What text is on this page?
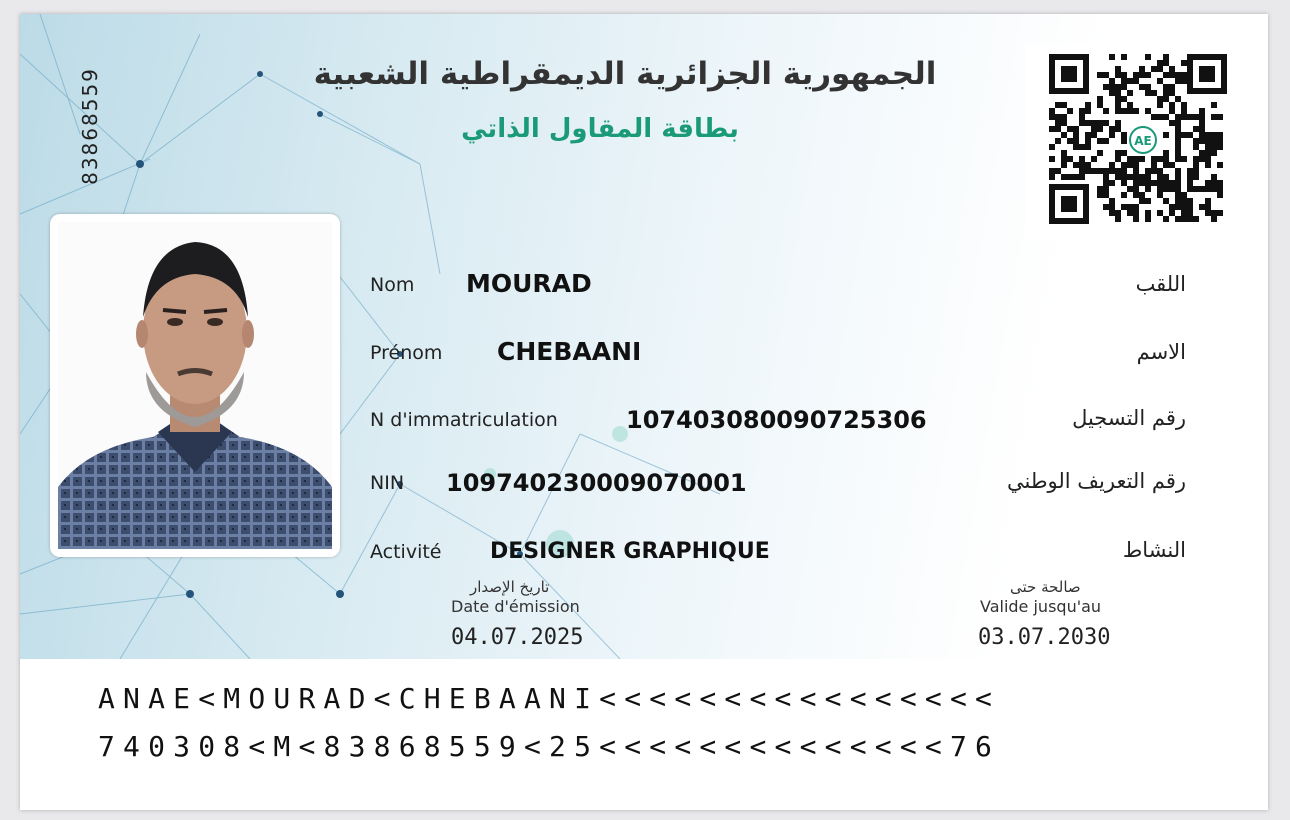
83868559	الجمهورية الجزائرية الديمقراطية الشعبية
بطاقة المقاول الذاتي	AE
Nom MOURAD	اللقب
Prénom CHEBAANI	الاسم
N d'immatriculation	107403080090725306	رقم التسجيل
NIN 109740230009070001	رقم التعريف الوطني
Activité DESIGNER GRAPHIQUE	النشاط
تاريخ الإصدار
Date d'émission
04.07.2025
صالحة حتى
Valide jusqu'au
03.07.2030
ANAE<MOURAD<CHEBAANI<<<<<<<<<<<<<<<<
740308<M<83868559<25<<<<<<<<<<<<<<76
